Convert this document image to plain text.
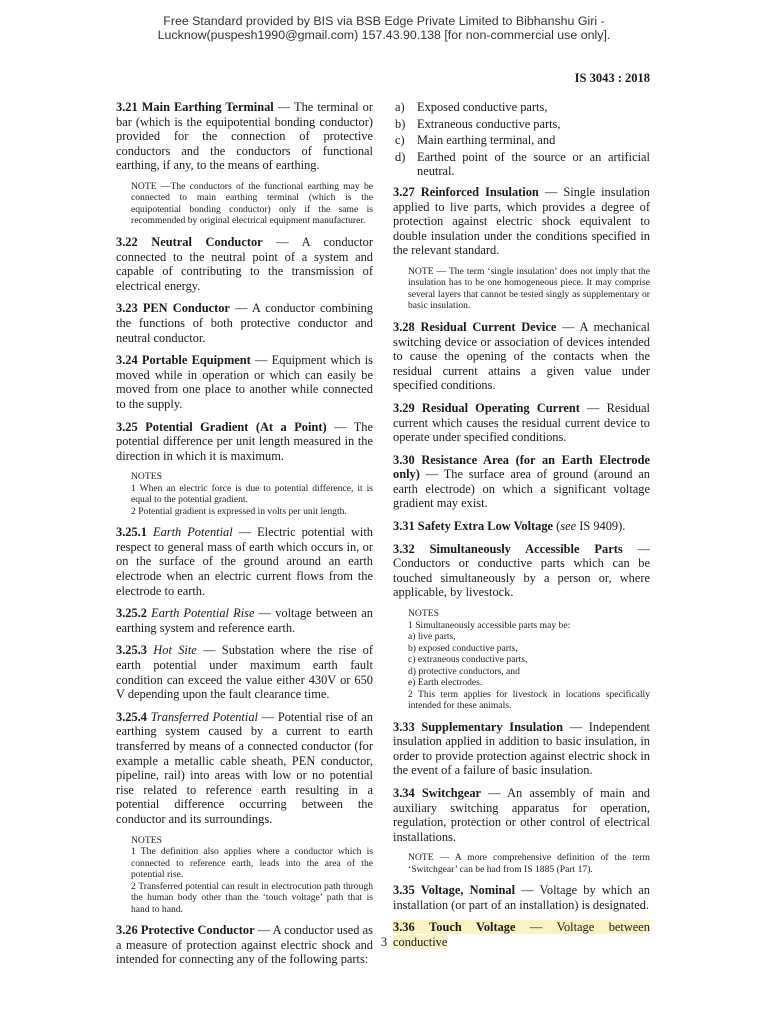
Free Standard provided by BIS via BSB Edge Private Limited to Bibhanshu Giri -
Lucknow(puspesh1990@gmail.com) 157.43.90.138 [for non-commercial use only].
IS 3043 : 2018

3.21 Main Earthing Terminal — The terminal or bar (which is the equipotential bonding conductor) provided for the connection of protective conductors and the conductors of functional earthing, if any, to the means of earthing.

NOTE —The conductors of the functional earthing may be connected to main earthing terminal (which is the equipotential bonding conductor) only if the same is recommended by original electrical equipment manufacturer.

3.22 Neutral Conductor — A conductor connected to the neutral point of a system and capable of contributing to the transmission of electrical energy.

3.23 PEN Conductor — A conductor combining the functions of both protective conductor and neutral conductor.

3.24 Portable Equipment — Equipment which is moved while in operation or which can easily be moved from one place to another while connected to the supply.

3.25 Potential Gradient (At a Point) — The potential difference per unit length measured in the direction in which it is maximum.

NOTES

1 When an electric force is due to potential difference, it is equal to the potential gradient.

2 Potential gradient is expressed in volts per unit length.

3.25.1 Earth Potential — Electric potential with respect to general mass of earth which occurs in, or on the surface of the ground around an earth electrode when an electric current flows from the electrode to earth.

3.25.2 Earth Potential Rise — voltage between an earthing system and reference earth.

3.25.3 Hot Site — Substation where the rise of earth potential under maximum earth fault condition can exceed the value either 430V or 650 V depending upon the fault clearance time.

3.25.4 Transferred Potential — Potential rise of an earthing system caused by a current to earth transferred by means of a connected conductor (for example a metallic cable sheath, PEN conductor, pipeline, rail) into areas with low or no potential rise related to reference earth resulting in a potential difference occurring between the conductor and its surroundings.

NOTES

1 The definition also applies where a conductor which is connected to reference earth, leads into the area of the potential rise.

2 Transferred potential can result in electrocution path through the human body other than the ‘touch voltage’ path that is hand to hand.

3.26 Protective Conductor — A conductor used as a measure of protection against electric shock and intended for connecting any of the following parts:

a) Exposed conductive parts,
b) Extraneous conductive parts,
c) Main earthing terminal, and
d) Earthed point of the source or an artificial neutral.

3.27 Reinforced Insulation — Single insulation applied to live parts, which provides a degree of protection against electric shock equivalent to double insulation under the conditions specified in the relevant standard.

NOTE — The term ‘single insulation’ does not imply that the insulation has to be one homogeneous piece. It may comprise several layers that cannot be tested singly as supplementary or basic insulation.

3.28 Residual Current Device — A mechanical switching device or association of devices intended to cause the opening of the contacts when the residual current attains a given value under specified conditions.

3.29 Residual Operating Current — Residual current which causes the residual current device to operate under specified conditions.

3.30 Resistance Area (for an Earth Electrode only) — The surface area of ground (around an earth electrode) on which a significant voltage gradient may exist.

3.31 Safety Extra Low Voltage (see IS 9409).

3.32 Simultaneously Accessible Parts — Conductors or conductive parts which can be touched simultaneously by a person or, where applicable, by livestock.

NOTES

1 Simultaneously accessible parts may be:

a) live parts,

b) exposed conductive parts,

c) extraneous conductive parts,

d) protective conductors, and

e) Earth electrodes.

2 This term applies for livestock in locations specifically intended for these animals.

3.33 Supplementary Insulation — Independent insulation applied in addition to basic insulation, in order to provide protection against electric shock in the event of a failure of basic insulation.

3.34 Switchgear — An assembly of main and auxiliary switching apparatus for operation, regulation, protection or other control of electrical installations.

NOTE — A more comprehensive definition of the term ‘Switchgear’ can be had from IS 1885 (Part 17).

3.35 Voltage, Nominal — Voltage by which an installation (or part of an installation) is designated.

3.36 Touch Voltage — Voltage between conductive

3
